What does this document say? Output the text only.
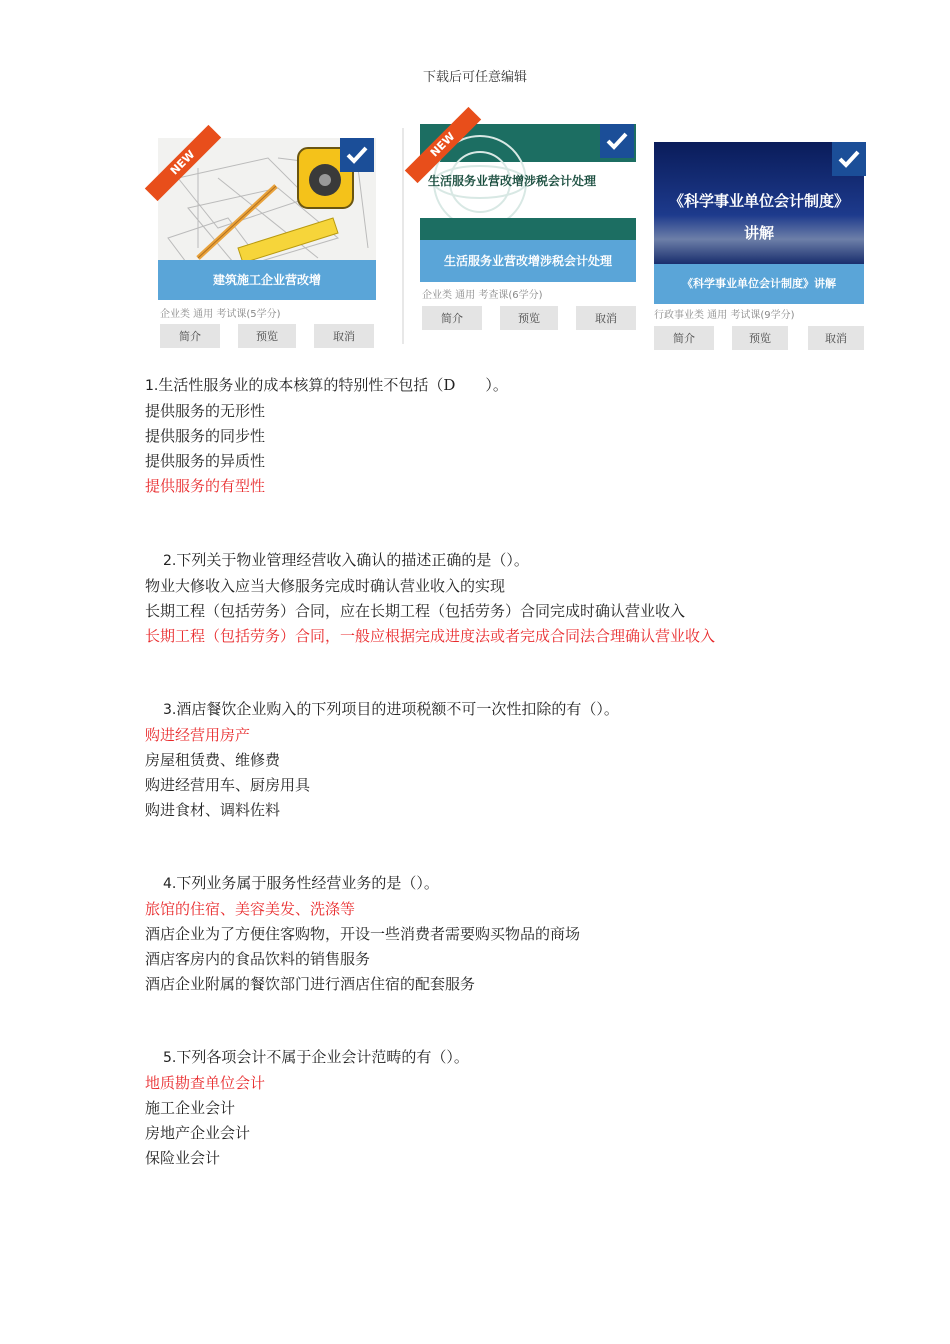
下载后可任意编辑
建筑施工企业营改增
NEW
企业类 通用 考试课(5学分)
简介	预览	取消
生活服务业营改增涉税会计处理
生活服务业营改增涉税会计处理
NEW
企业类 通用 考查课(6学分)
简介	预览	取消
《科学事业单位会计制度》
讲解
《科学事业单位会计制度》讲解
行政事业类 通用 考试课(9学分)
简介	预览	取消
1.生活性服务业的成本核算的特别性不包括（D　　）。
提供服务的无形性
提供服务的同步性
提供服务的异质性
提供服务的有型性
2.下列关于物业管理经营收入确认的描述正确的是（）。
物业大修收入应当大修服务完成时确认营业收入的实现
长期工程（包括劳务）合同，应在长期工程（包括劳务）合同完成时确认营业收入
长期工程（包括劳务）合同，一般应根据完成进度法或者完成合同法合理确认营业收入
3.酒店餐饮企业购入的下列项目的进项税额不可一次性扣除的有（）。
购进经营用房产
房屋租赁费、维修费
购进经营用车、厨房用具
购进食材、调料佐料
4.下列业务属于服务性经营业务的是（）。
旅馆的住宿、美容美发、洗涤等
酒店企业为了方便住客购物，开设一些消费者需要购买物品的商场
酒店客房内的食品饮料的销售服务
酒店企业附属的餐饮部门进行酒店住宿的配套服务
5.下列各项会计不属于企业会计范畴的有（）。
地质勘查单位会计
施工企业会计
房地产企业会计
保险业会计
